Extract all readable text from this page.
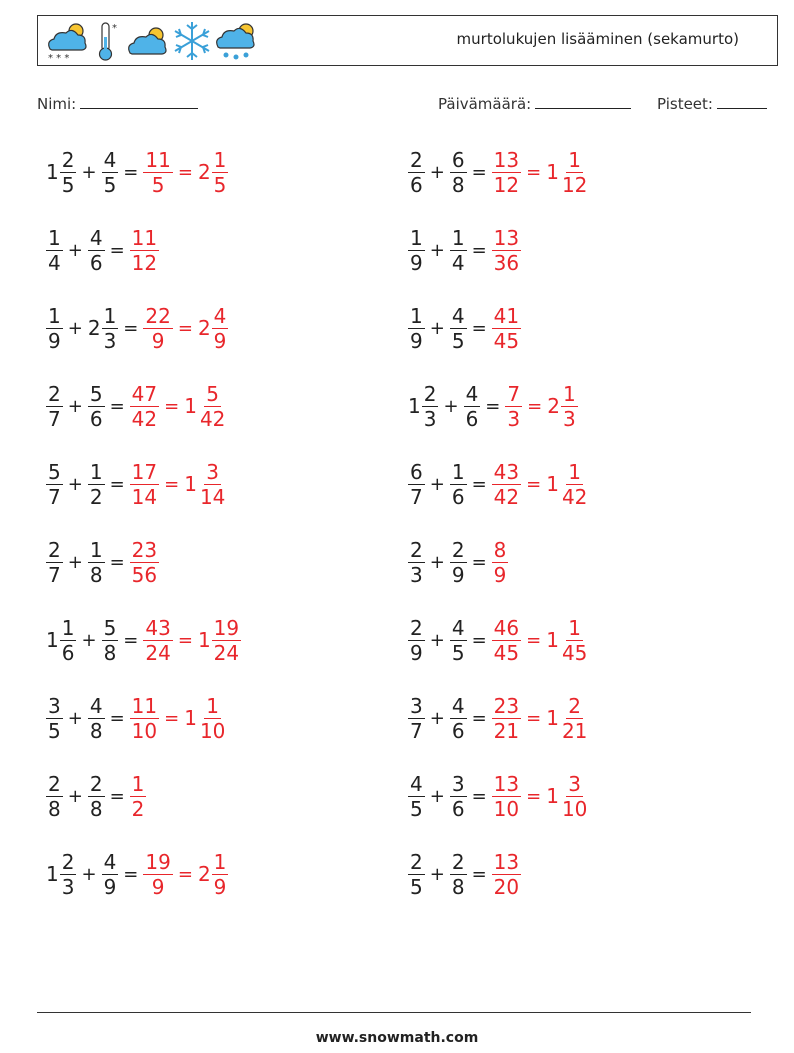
* * *
*
murtolukujen lisääminen (sekamurto)
Nimi:	Päivämäärä:	Pisteet:
$1 \frac{2}{5} + \frac{4}{5} = \frac{11}{5} = 2 \frac{1}{5}$	$\frac{2}{6} + \frac{6}{8} = \frac{13}{12} = 1 \frac{1}{12}$
$\frac{1}{4} + \frac{4}{6} = \frac{11}{12}$	$\frac{1}{9} + \frac{1}{4} = \frac{13}{36}$
$\frac{1}{9} + 2 \frac{1}{3} = \frac{22}{9} = 2 \frac{4}{9}$	$\frac{1}{9} + \frac{4}{5} = \frac{41}{45}$
$\frac{2}{7} + \frac{5}{6} = \frac{47}{42} = 1 \frac{5}{42}$	$1 \frac{2}{3} + \frac{4}{6} = \frac{7}{3} = 2 \frac{1}{3}$
$\frac{5}{7} + \frac{1}{2} = \frac{17}{14} = 1 \frac{3}{14}$	$\frac{6}{7} + \frac{1}{6} = \frac{43}{42} = 1 \frac{1}{42}$
$\frac{2}{7} + \frac{1}{8} = \frac{23}{56}$	$\frac{2}{3} + \frac{2}{9} = \frac{8}{9}$
$1 \frac{1}{6} + \frac{5}{8} = \frac{43}{24} = 1 \frac{19}{24}$	$\frac{2}{9} + \frac{4}{5} = \frac{46}{45} = 1 \frac{1}{45}$
$\frac{3}{5} + \frac{4}{8} = \frac{11}{10} = 1 \frac{1}{10}$	$\frac{3}{7} + \frac{4}{6} = \frac{23}{21} = 1 \frac{2}{21}$
$\frac{2}{8} + \frac{2}{8} = \frac{1}{2}$	$\frac{4}{5} + \frac{3}{6} = \frac{13}{10} = 1 \frac{3}{10}$
$1 \frac{2}{3} + \frac{4}{9} = \frac{19}{9} = 2 \frac{1}{9}$	$\frac{2}{5} + \frac{2}{8} = \frac{13}{20}$
www.snowmath.com
